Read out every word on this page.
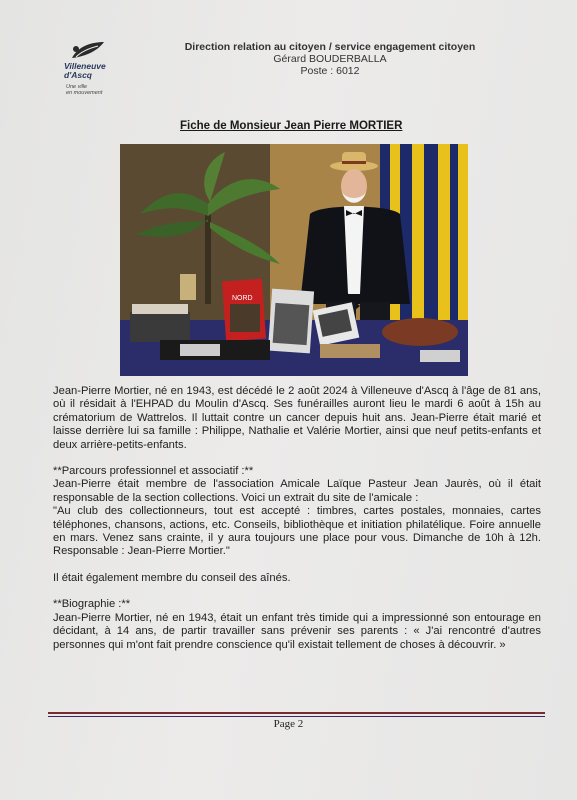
Villeneuve
d'Ascq
Une ville
en mouvement
Direction relation au citoyen / service engagement citoyen
Gérard BOUDERBALLA
Poste : 6012
Fiche de Monsieur Jean Pierre MORTIER
NORD

Jean-Pierre Mortier, né en 1943, est décédé le 2 août 2024 à Villeneuve d'Ascq à l'âge de 81 ans, où il résidait à l'EHPAD du Moulin d'Ascq. Ses funérailles auront lieu le mardi 6 août à 15h au crématorium de Wattrelos. Il luttait contre un cancer depuis huit ans. Jean-Pierre était marié et laisse derrière lui sa famille : Philippe, Nathalie et Valérie Mortier, ainsi que neuf petits-enfants et deux arrière-petits-enfants.

**Parcours professionnel et associatif :**

Jean-Pierre était membre de l'association Amicale Laïque Pasteur Jean Jaurès, où il était responsable de la section collections. Voici un extrait du site de l'amicale :

"Au club des collectionneurs, tout est accepté : timbres, cartes postales, monnaies, cartes téléphones, chansons, actions, etc. Conseils, bibliothèque et initiation philatélique. Foire annuelle en mars. Venez sans crainte, il y aura toujours une place pour vous. Dimanche de 10h à 12h. Responsable : Jean-Pierre Mortier."

Il était également membre du conseil des aînés.

**Biographie :**

Jean-Pierre Mortier, né en 1943, était un enfant très timide qui a impressionné son entourage en décidant, à 14 ans, de partir travailler sans prévenir ses parents : « J'ai rencontré d'autres personnes qui m'ont fait prendre conscience qu'il existait tellement de choses à découvrir. »

Page 2
